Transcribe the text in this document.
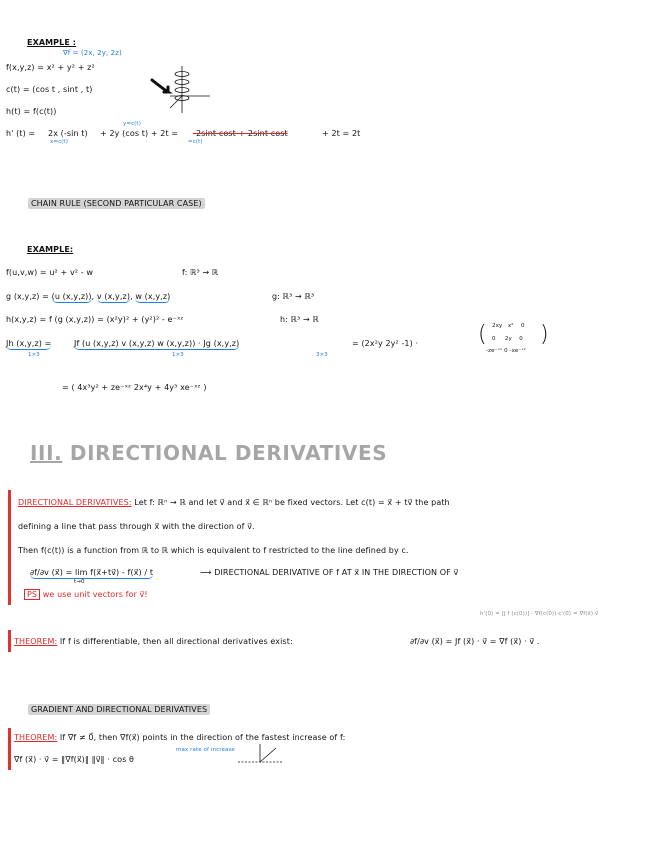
EXAMPLE :
∇f = (2x, 2y, 2z)
f(x,y,z) = x² + y² + z²
c(t) = (cos t , sint , t)
h(t) = f(c(t))
h' (t) = 2x (-sin t)
x=c(t)
+ 2y (cos t) + 2t =
y=c(t)
=c(t)
-2sint cost + 2sint cost	+ 2t = 2t
CHAIN RULE (SECOND PARTICULAR CASE)
EXAMPLE:
f(u,v,w) = u² + v² - w	f: ℝ³ → ℝ
g (x,y,z) = (u (x,y,z)), v (x,y,z), w (x,y,z)	g: ℝ³ → ℝ³
h(x,y,z) = f (g (x,y,z)) = (x²y)² + (y²)² - e⁻ˣᶻ	h: ℝ³ → ℝ
Jh (x,y,z) =
1×3
Jf (u (x,y,z) v (x,y,z) w (x,y,z)) · Jg (x,y,z)
1×3	3×3
= (2x²y 2y² -1) ·	( )
2xy x² 0
0 2y 0
-ze⁻ˣᶻ 0 -xe⁻ˣᶻ
= ( 4x³y² + ze⁻ˣᶻ 2x⁴y + 4y³ xe⁻ˣᶻ )
III. DIRECTIONAL DERIVATIVES
DIRECTIONAL DERIVATIVES: Let f: ℝⁿ → ℝ and let v⃗ and x⃗ ∈ ℝⁿ be fixed vectors. Let c(t) = x⃗ + tv⃗ the path
defining a line that pass through x⃗ with the direction of v⃗.
Then f(c(t)) is a function from ℝ to ℝ which is equivalent to f restricted to the line defined by c.
∂f/∂v (x⃗) = lim f(x⃗+tv⃗) - f(x⃗) / t
t→0
⟶ DIRECTIONAL DERIVATIVE OF f AT x⃗ IN THE DIRECTION OF v⃗
PS we use unit vectors for v⃗!
h'(0) = [J f (c(0))] · ∇f(c(0))·c'(0) = ∇f(x⃗)·v⃗
THEOREM: If f is differentiable, then all directional derivatives exist:	∂f/∂v (x⃗) = Jf (x⃗) · v⃗ = ∇f (x⃗) · v⃗ .
GRADIENT AND DIRECTIONAL DERIVATIVES
THEOREM: If ∇f ≠ 0⃗, then ∇f(x⃗) points in the direction of the fastest increase of f:
∇f (x⃗) · v⃗ = ‖∇f(x⃗)‖ ‖v⃗‖ · cos θ
max rate of increase
